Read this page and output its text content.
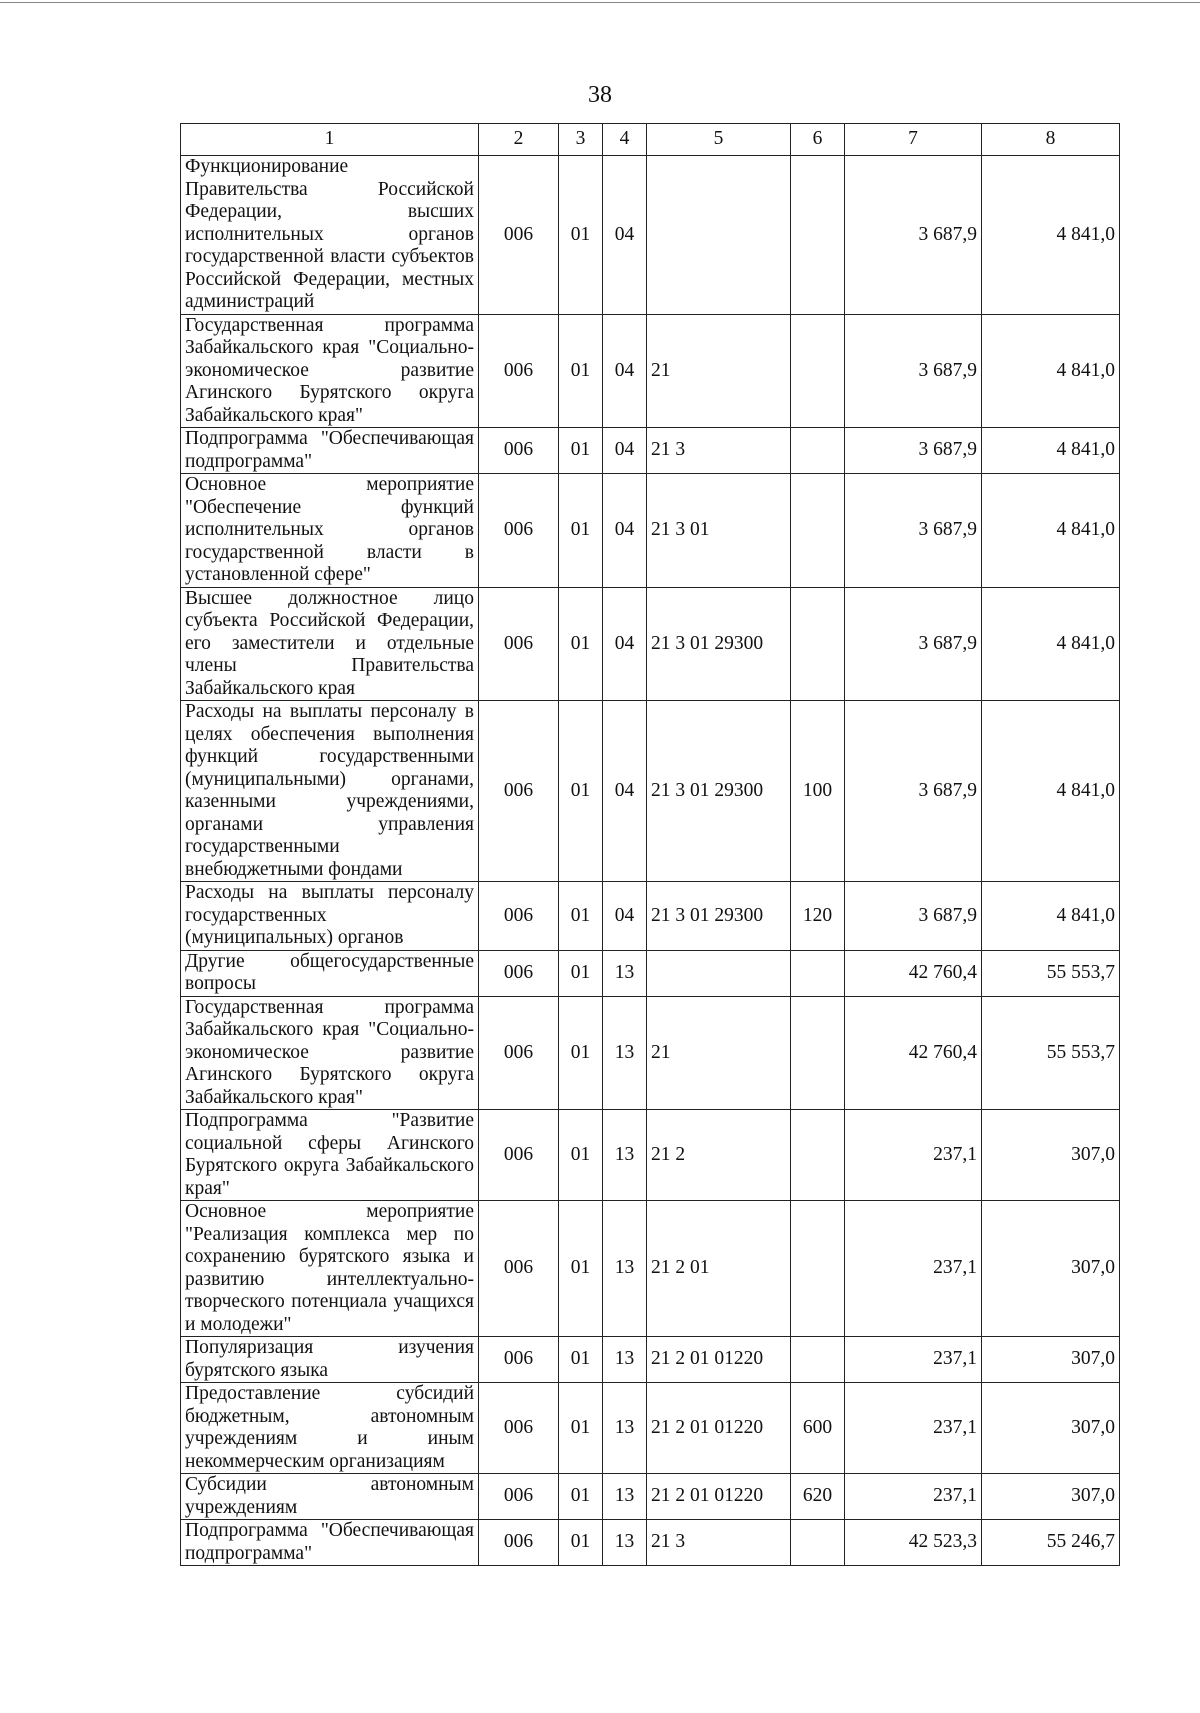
38
1	2	3	4	5	6	7	8
Функционирование Правительства Российской Федерации, высших исполнительных органов государственной власти субъектов Российской Федерации, местных администраций	006	01	04			3 687,9	4 841,0
Государственная программа Забайкальского края "Социально-экономическое развитие Агинского Бурятского округа Забайкальского края"	006	01	04	21		3 687,9	4 841,0
Подпрограмма "Обеспечивающая подпрограмма"	006	01	04	21 3		3 687,9	4 841,0
Основное мероприятие "Обеспечение функций исполнительных органов государственной власти в установленной сфере"	006	01	04	21 3 01		3 687,9	4 841,0
Высшее должностное лицо субъекта Российской Федерации, его заместители и отдельные члены Правительства Забайкальского края	006	01	04	21 3 01 29300		3 687,9	4 841,0
Расходы на выплаты персоналу в целях обеспечения выполнения функций государственными (муниципальными) органами, казенными учреждениями, органами управления государственными внебюджетными фондами	006	01	04	21 3 01 29300	100	3 687,9	4 841,0
Расходы на выплаты персоналу государственных (муниципальных) органов	006	01	04	21 3 01 29300	120	3 687,9	4 841,0
Другие общегосударственные вопросы	006	01	13			42 760,4	55 553,7
Государственная программа Забайкальского края "Социально-экономическое развитие Агинского Бурятского округа Забайкальского края"	006	01	13	21		42 760,4	55 553,7
Подпрограмма "Развитие социальной сферы Агинского Бурятского округа Забайкальского края"	006	01	13	21 2		237,1	307,0
Основное мероприятие "Реализация комплекса мер по сохранению бурятского языка и развитию интеллектуально-творческого потенциала учащихся и молодежи"	006	01	13	21 2 01		237,1	307,0
Популяризация изучения бурятского языка	006	01	13	21 2 01 01220		237,1	307,0
Предоставление субсидий бюджетным, автономным учреждениям и иным некоммерческим организациям	006	01	13	21 2 01 01220	600	237,1	307,0
Субсидии автономным учреждениям	006	01	13	21 2 01 01220	620	237,1	307,0
Подпрограмма "Обеспечивающая подпрограмма"	006	01	13	21 3		42 523,3	55 246,7
